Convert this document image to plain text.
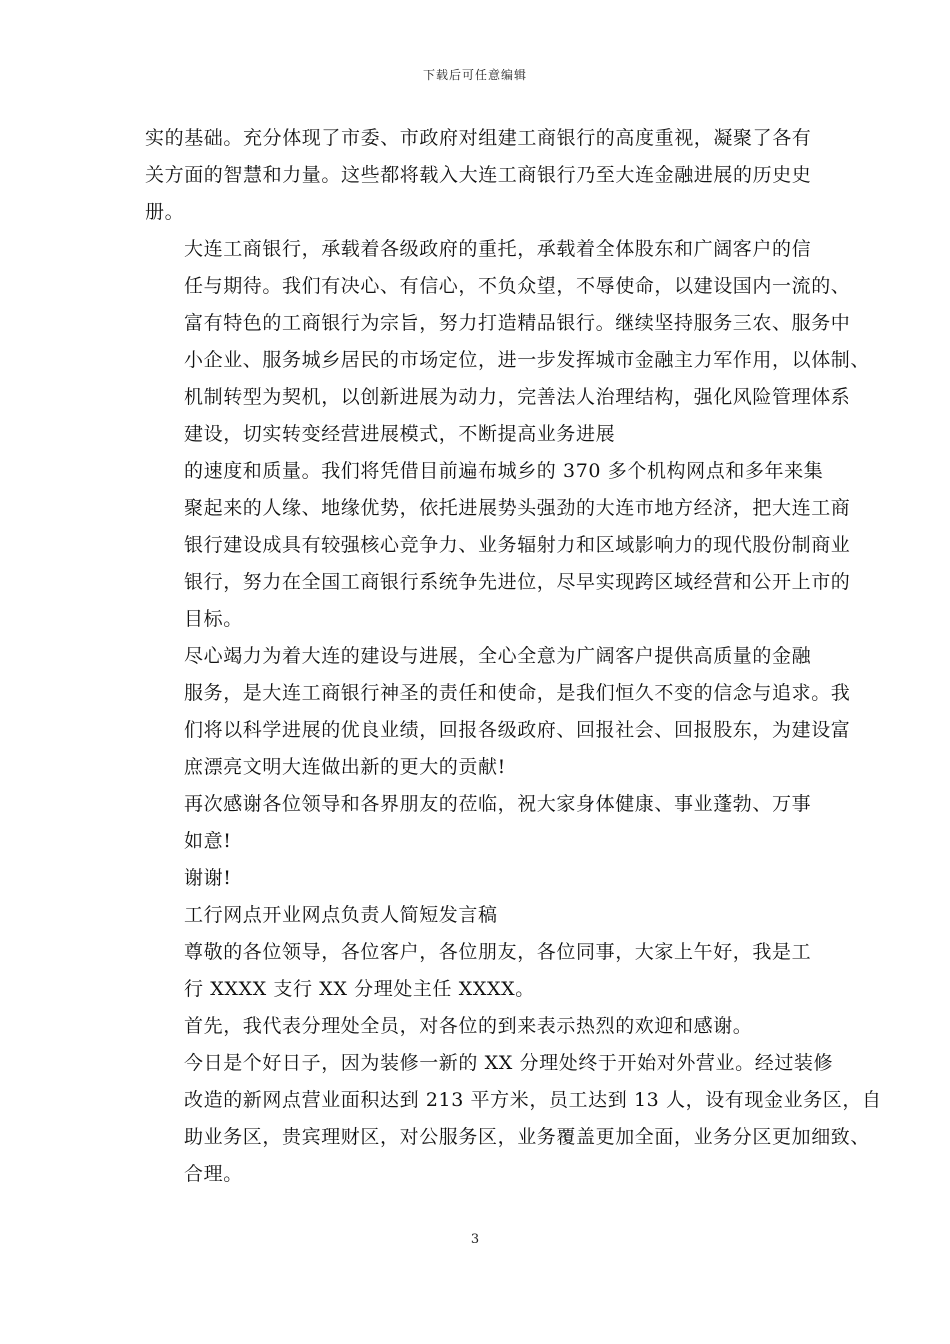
下载后可任意编辑
实的基础。充分体现了市委、市政府对组建工商银行的高度重视，凝聚了各有
关方面的智慧和力量。这些都将载入大连工商银行乃至大连金融进展的历史史
册。
大连工商银行，承载着各级政府的重托，承载着全体股东和广阔客户的信
任与期待。我们有决心、有信心，不负众望，不辱使命，以建设国内一流的、
富有特色的工商银行为宗旨，努力打造精品银行。继续坚持服务三农、服务中
小企业、服务城乡居民的市场定位，进一步发挥城市金融主力军作用，以体制、
机制转型为契机，以创新进展为动力，完善法人治理结构，强化风险管理体系
建设，切实转变经营进展模式，不断提高业务进展
的速度和质量。我们将凭借目前遍布城乡的 370 多个机构网点和多年来集
聚起来的人缘、地缘优势，依托进展势头强劲的大连市地方经济，把大连工商
银行建设成具有较强核心竞争力、业务辐射力和区域影响力的现代股份制商业
银行，努力在全国工商银行系统争先进位，尽早实现跨区域经营和公开上市的
目标。
尽心竭力为着大连的建设与进展，全心全意为广阔客户提供高质量的金融
服务，是大连工商银行神圣的责任和使命，是我们恒久不变的信念与追求。我
们将以科学进展的优良业绩，回报各级政府、回报社会、回报股东，为建设富
庶漂亮文明大连做出新的更大的贡献!
再次感谢各位领导和各界朋友的莅临，祝大家身体健康、事业蓬勃、万事
如意!
谢谢!
工行网点开业网点负责人简短发言稿
尊敬的各位领导，各位客户，各位朋友，各位同事，大家上午好，我是工
行 XXXX 支行 XX 分理处主任 XXXX。
首先，我代表分理处全员，对各位的到来表示热烈的欢迎和感谢。
今日是个好日子，因为装修一新的 XX 分理处终于开始对外营业。经过装修
改造的新网点营业面积达到 213 平方米，员工达到 13 人，设有现金业务区，自
助业务区，贵宾理财区，对公服务区，业务覆盖更加全面，业务分区更加细致、
合理。
3
